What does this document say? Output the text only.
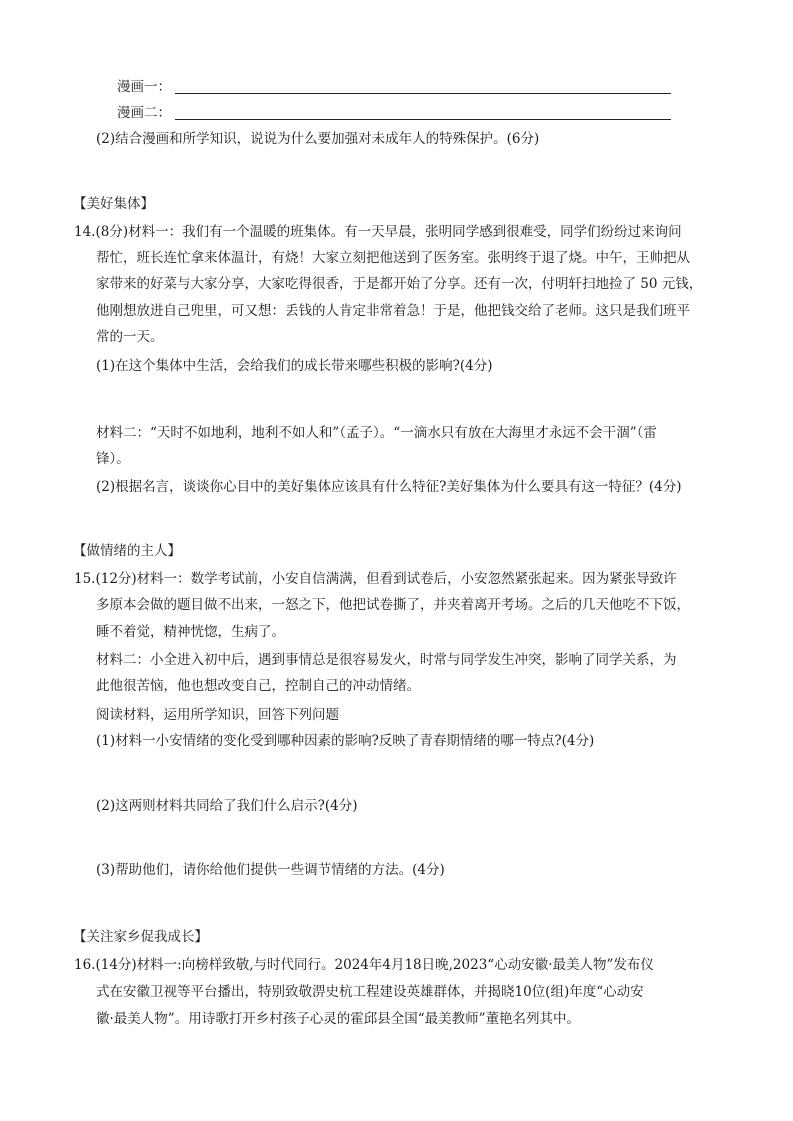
漫画一：
漫画二：
(2)结合漫画和所学知识，说说为什么要加强对未成年人的特殊保护。(6分)
【美好集体】
14.(8分)材料一：我们有一个温暖的班集体。有一天早晨，张明同学感到很难受，同学们纷纷过来询问
帮忙，班长连忙拿来体温计，有烧！大家立刻把他送到了医务室。张明终于退了烧。中午，王帅把从
家带来的好菜与大家分享，大家吃得很香，于是都开始了分享。还有一次，付明轩扫地捡了 50 元钱，
他刚想放进自己兜里，可又想：丢钱的人肯定非常着急！于是，他把钱交给了老师。这只是我们班平
常的一天。
(1)在这个集体中生活，会给我们的成长带来哪些积极的影响?(4分)
材料二：“天时不如地利，地利不如人和”（孟子）。“一滴水只有放在大海里才永远不会干涸”（雷
锋）。
(2)根据名言，谈谈你心目中的美好集体应该具有什么特征?美好集体为什么要具有这一特征？(4分)
【做情绪的主人】
15.(12分)材料一：数学考试前，小安自信满满，但看到试卷后，小安忽然紧张起来。因为紧张导致许
多原本会做的题目做不出来，一怒之下，他把试卷撕了，并夹着离开考场。之后的几天他吃不下饭，
睡不着觉，精神恍惚，生病了。
材料二：小全进入初中后，遇到事情总是很容易发火，时常与同学发生冲突，影响了同学关系，为
此他很苦恼，他也想改变自己，控制自己的冲动情绪。
阅读材料，运用所学知识，回答下列问题
(1)材料一小安情绪的变化受到哪种因素的影响?反映了青春期情绪的哪一特点?(4分)
(2)这两则材料共同给了我们什么启示?(4分)
(3)帮助他们，请你给他们提供一些调节情绪的方法。(4分)
【关注家乡促我成长】
16.(14分)材料一:向榜样致敬,与时代同行。2024年4月18日晚,2023“心动安徽·最美人物”发布仪
式在安徽卫视等平台播出，特别致敬淠史杭工程建设英雄群体，并揭晓10位(组)年度“心动安
徽·最美人物”。用诗歌打开乡村孩子心灵的霍邱县全国“最美教师”董艳名列其中。
